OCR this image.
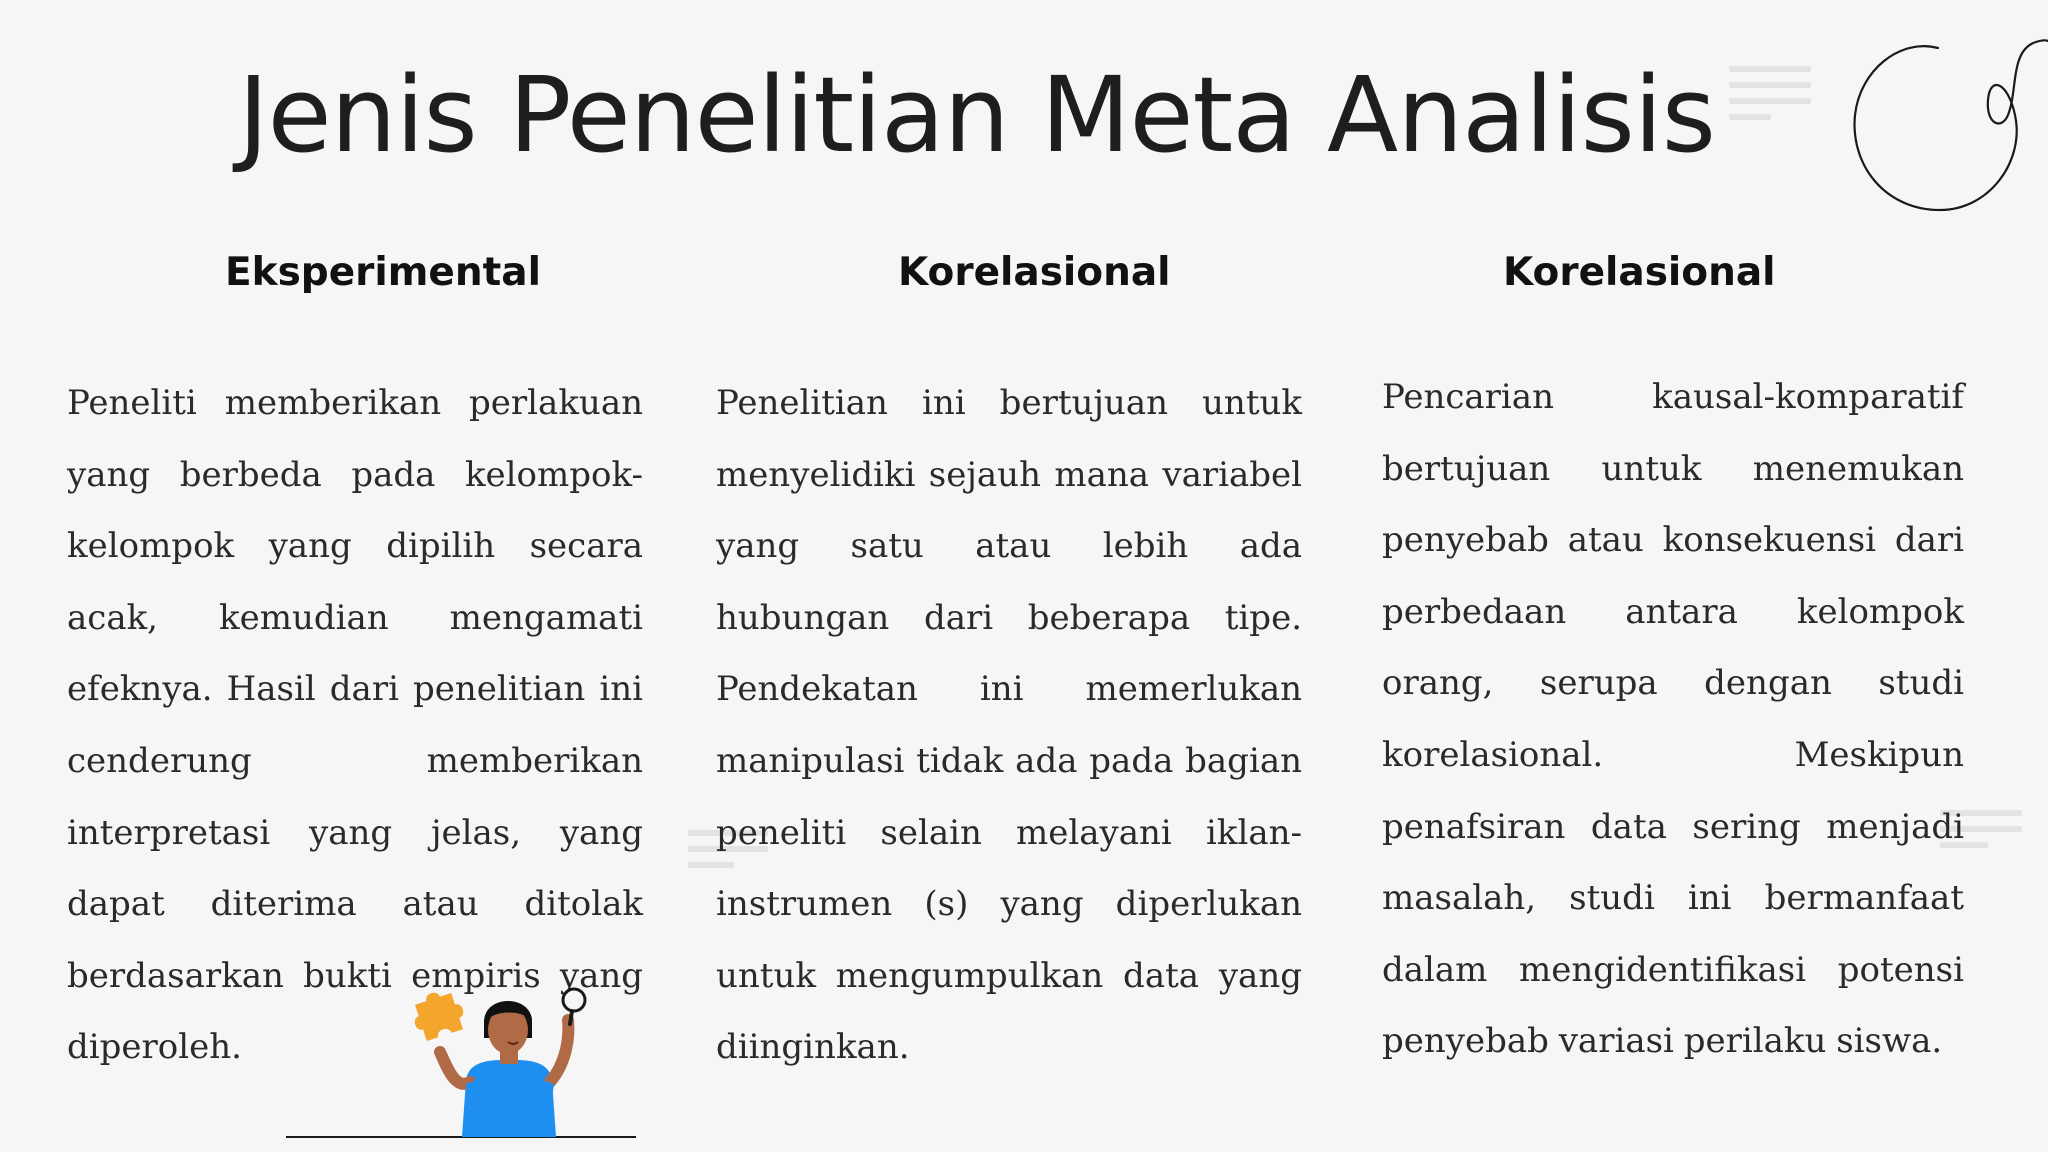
Jenis Penelitian Meta Analisis
Eksperimental	Korelasional	Korelasional

Peneliti memberikan perlakuan yang berbeda pada kelompok-kelompok yang dipilih secara acak, kemudian mengamati efeknya. Hasil dari penelitian ini cenderung memberikan interpretasi yang jelas, yang dapat diterima atau ditolak berdasarkan bukti empiris yang diperoleh.

Penelitian ini bertujuan untuk menyelidiki sejauh mana variabel yang satu atau lebih ada hubungan dari beberapa tipe. Pendekatan ini memerlukan manipulasi tidak ada pada bagian peneliti selain melayani iklan-instrumen (s) yang diperlukan untuk mengumpulkan data yang diinginkan.

Pencarian kausal-komparatif bertujuan untuk menemukan penyebab atau konsekuensi dari perbedaan antara kelompok orang, serupa dengan studi korelasional. Meskipun penafsiran data sering menjadi masalah, studi ini bermanfaat dalam mengidentifikasi potensi penyebab variasi perilaku siswa.
